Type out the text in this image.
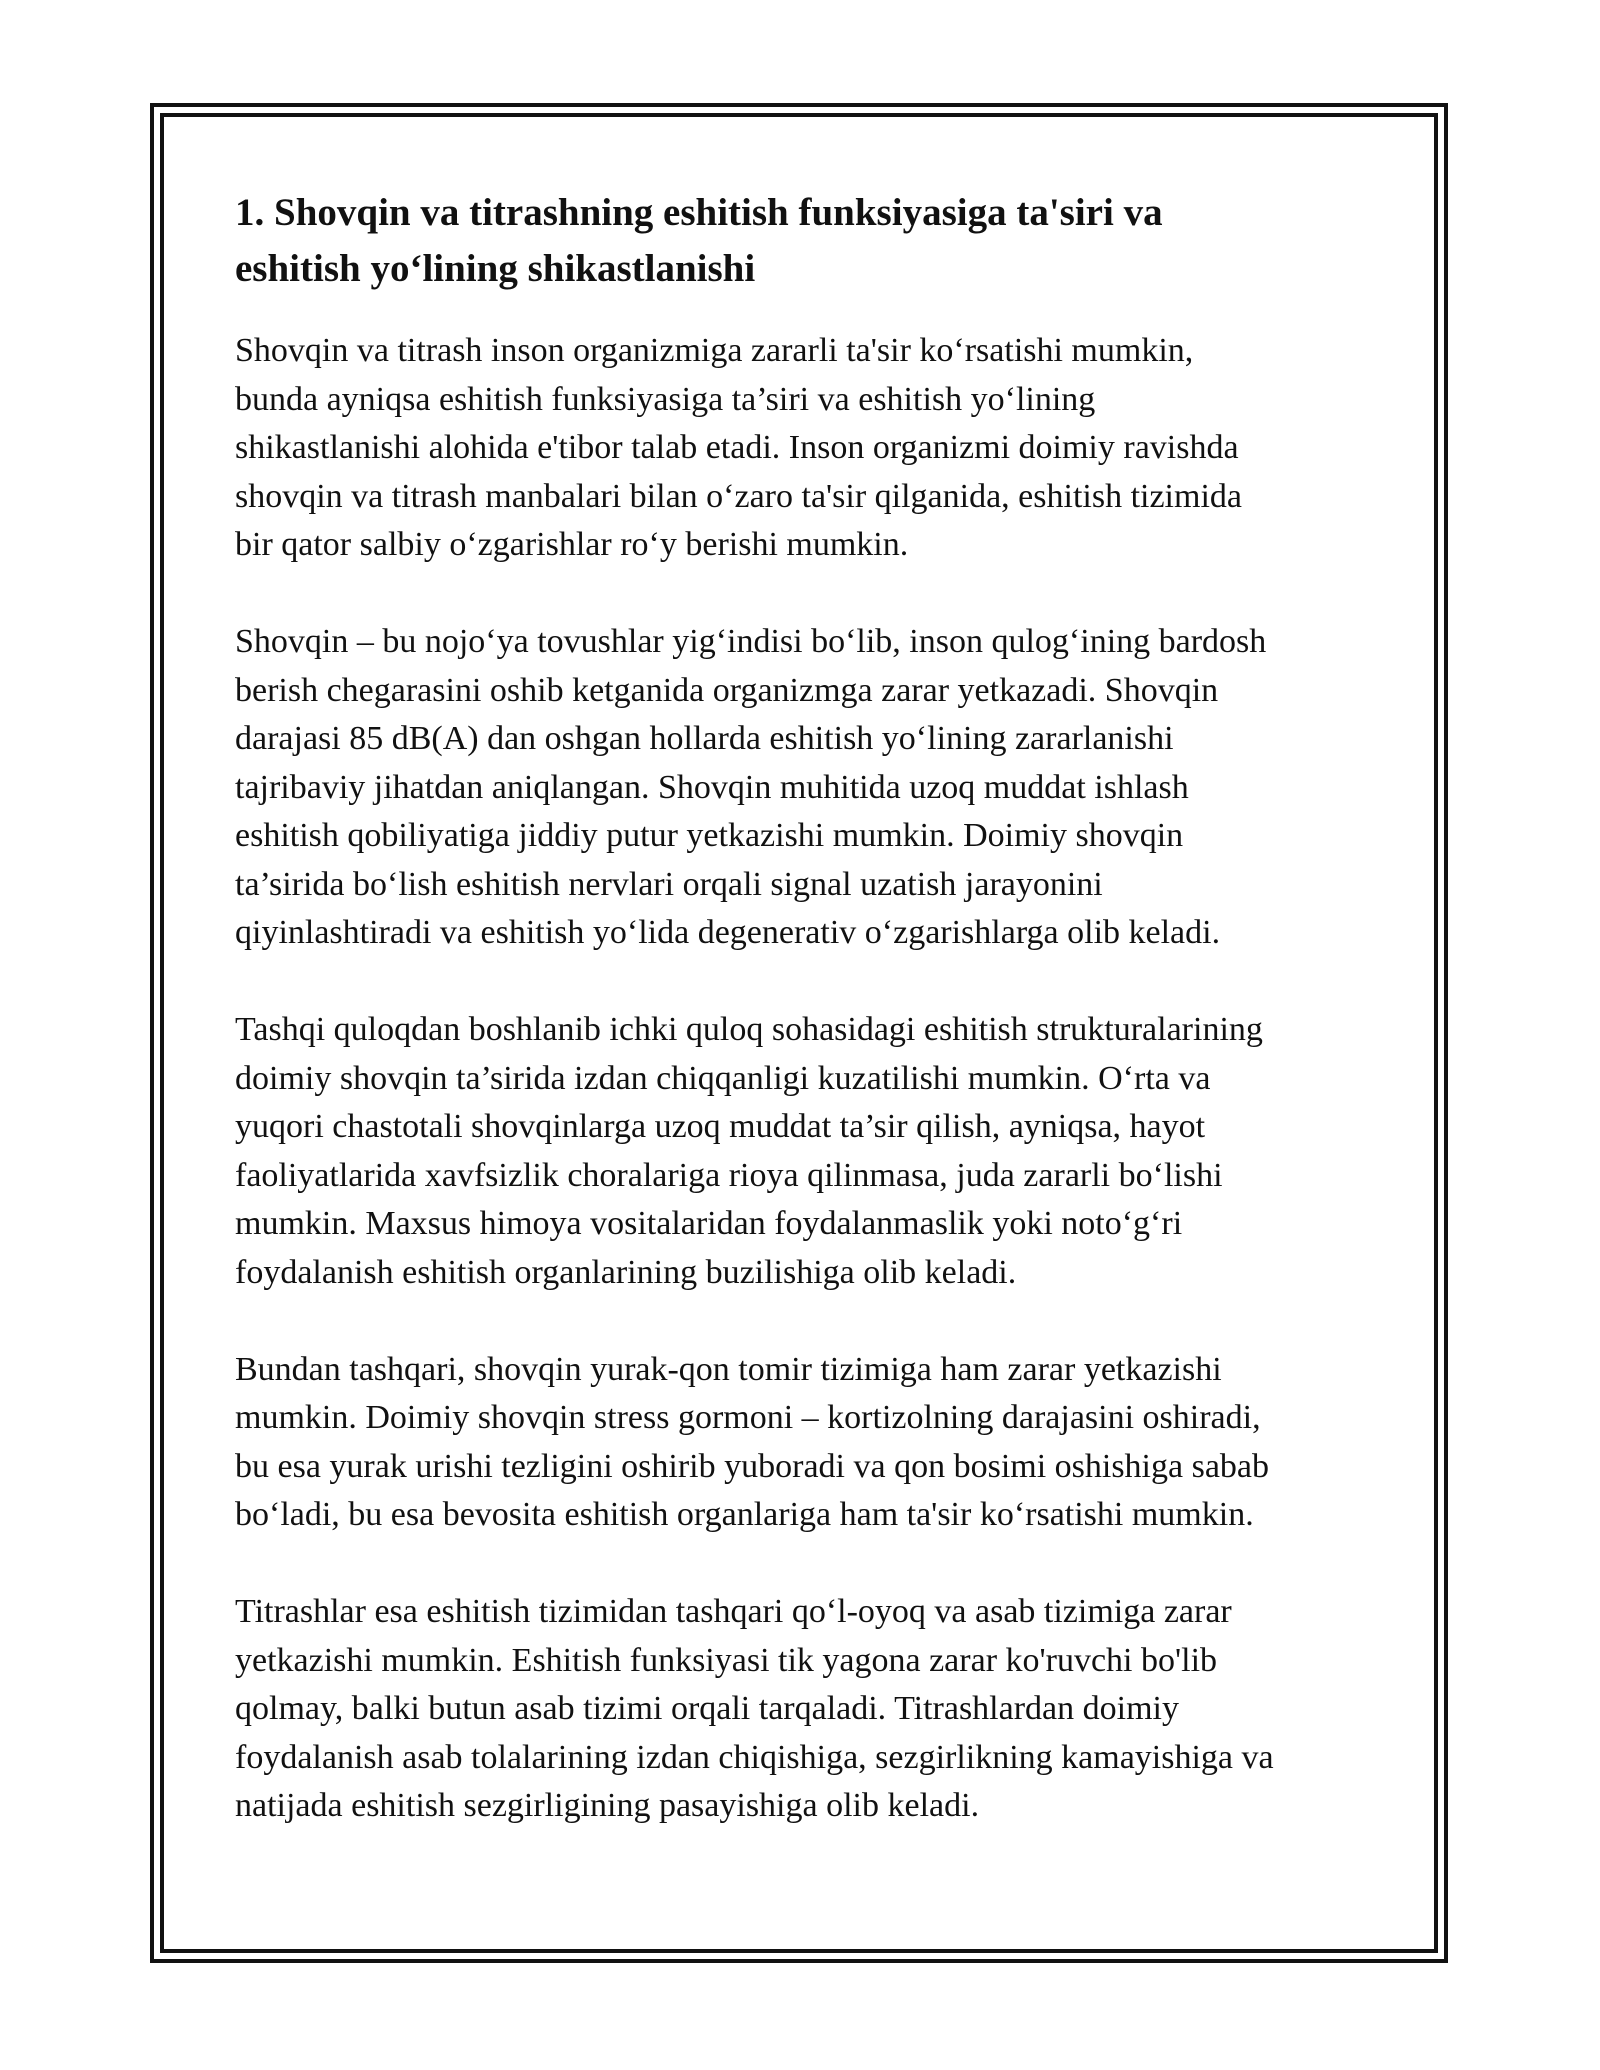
1. Shovqin va titrashning eshitish funksiyasiga ta'siri va
eshitish yo‘lining shikastlanishi

Shovqin va titrash inson organizmiga zararli ta'sir ko‘rsatishi mumkin,
bunda ayniqsa eshitish funksiyasiga ta’siri va eshitish yo‘lining
shikastlanishi alohida e'tibor talab etadi. Inson organizmi doimiy ravishda
shovqin va titrash manbalari bilan o‘zaro ta'sir qilganida, eshitish tizimida
bir qator salbiy o‘zgarishlar ro‘y berishi mumkin.

Shovqin – bu nojo‘ya tovushlar yig‘indisi bo‘lib, inson qulog‘ining bardosh
berish chegarasini oshib ketganida organizmga zarar yetkazadi. Shovqin
darajasi 85 dB(A) dan oshgan hollarda eshitish yo‘lining zararlanishi
tajribaviy jihatdan aniqlangan. Shovqin muhitida uzoq muddat ishlash
eshitish qobiliyatiga jiddiy putur yetkazishi mumkin. Doimiy shovqin
ta’sirida bo‘lish eshitish nervlari orqali signal uzatish jarayonini
qiyinlashtiradi va eshitish yo‘lida degenerativ o‘zgarishlarga olib keladi.

Tashqi quloqdan boshlanib ichki quloq sohasidagi eshitish strukturalarining
doimiy shovqin ta’sirida izdan chiqqanligi kuzatilishi mumkin. O‘rta va
yuqori chastotali shovqinlarga uzoq muddat ta’sir qilish, ayniqsa, hayot
faoliyatlarida xavfsizlik choralariga rioya qilinmasa, juda zararli bo‘lishi
mumkin. Maxsus himoya vositalaridan foydalanmaslik yoki noto‘g‘ri
foydalanish eshitish organlarining buzilishiga olib keladi.

Bundan tashqari, shovqin yurak-qon tomir tizimiga ham zarar yetkazishi
mumkin. Doimiy shovqin stress gormoni – kortizolning darajasini oshiradi,
bu esa yurak urishi tezligini oshirib yuboradi va qon bosimi oshishiga sabab
bo‘ladi, bu esa bevosita eshitish organlariga ham ta'sir ko‘rsatishi mumkin.

Titrashlar esa eshitish tizimidan tashqari qo‘l-oyoq va asab tizimiga zarar
yetkazishi mumkin. Eshitish funksiyasi tik yagona zarar ko'ruvchi bo'lib
qolmay, balki butun asab tizimi orqali tarqaladi. Titrashlardan doimiy
foydalanish asab tolalarining izdan chiqishiga, sezgirlikning kamayishiga va
natijada eshitish sezgirligining pasayishiga olib keladi.
